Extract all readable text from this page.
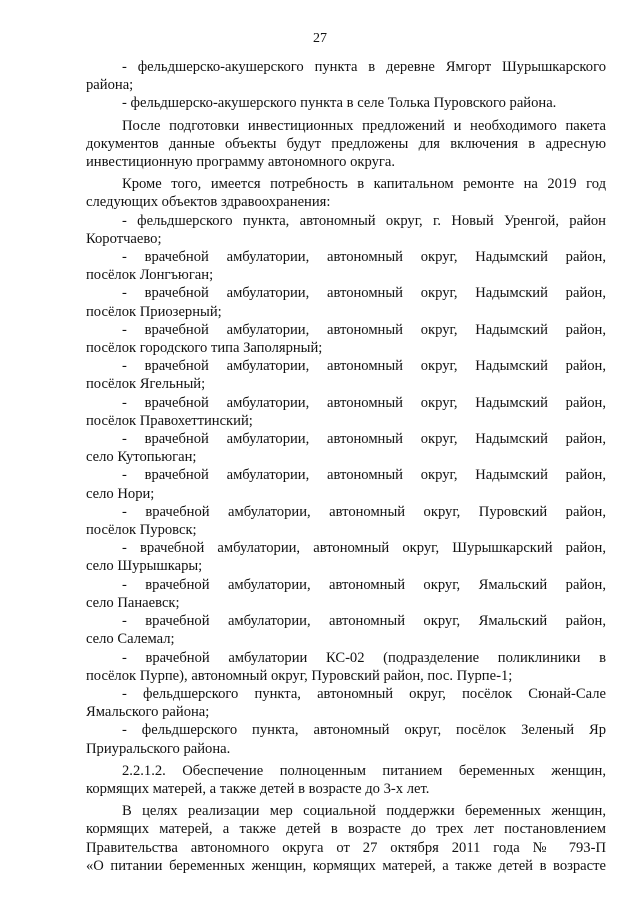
27

- фельдшерско-акушерского пункта в деревне Ямгорт Шурышкарского

района;

- фельдшерско-акушерского пункта в селе Толька Пуровского района.

После подготовки инвестиционных предложений и необходимого пакета

документов данные объекты будут предложены для включения в адресную

инвестиционную программу автономного округа.

Кроме того, имеется потребность в капитальном ремонте на 2019 год

следующих объектов здравоохранения:

- фельдшерского пункта, автономный округ, г. Новый Уренгой, район

Коротчаево;

- врачебной амбулатории, автономный округ, Надымский район,

посёлок Лонгъюган;

- врачебной амбулатории, автономный округ, Надымский район,

посёлок Приозерный;

- врачебной амбулатории, автономный округ, Надымский район,

посёлок городского типа Заполярный;

- врачебной амбулатории, автономный округ, Надымский район,

посёлок Ягельный;

- врачебной амбулатории, автономный округ, Надымский район,

посёлок Правохеттинский;

- врачебной амбулатории, автономный округ, Надымский район,

село Кутопьюган;

- врачебной амбулатории, автономный округ, Надымский район,

село Нори;

- врачебной амбулатории, автономный округ, Пуровский район,

посёлок Пуровск;

- врачебной амбулатории, автономный округ, Шурышкарский район,

село Шурышкары;

- врачебной амбулатории, автономный округ, Ямальский район,

село Панаевск;

- врачебной амбулатории, автономный округ, Ямальский район,

село Салемал;

- врачебной амбулатории КС-02 (подразделение поликлиники в

посёлок Пурпе), автономный округ, Пуровский район, пос. Пурпе-1;

- фельдшерского пункта, автономный округ, посёлок Сюнай-Сале

Ямальского района;

- фельдшерского пункта, автономный округ, посёлок Зеленый Яр

Приуральского района.

2.2.1.2. Обеспечение полноценным питанием беременных женщин,

кормящих матерей, а также детей в возрасте до 3-х лет.

В целях реализации мер социальной поддержки беременных женщин,

кормящих матерей, а также детей в возрасте до трех лет постановлением

Правительства автономного округа от 27 октября 2011 года № 793-П

«О питании беременных женщин, кормящих матерей, а также детей в возрасте
